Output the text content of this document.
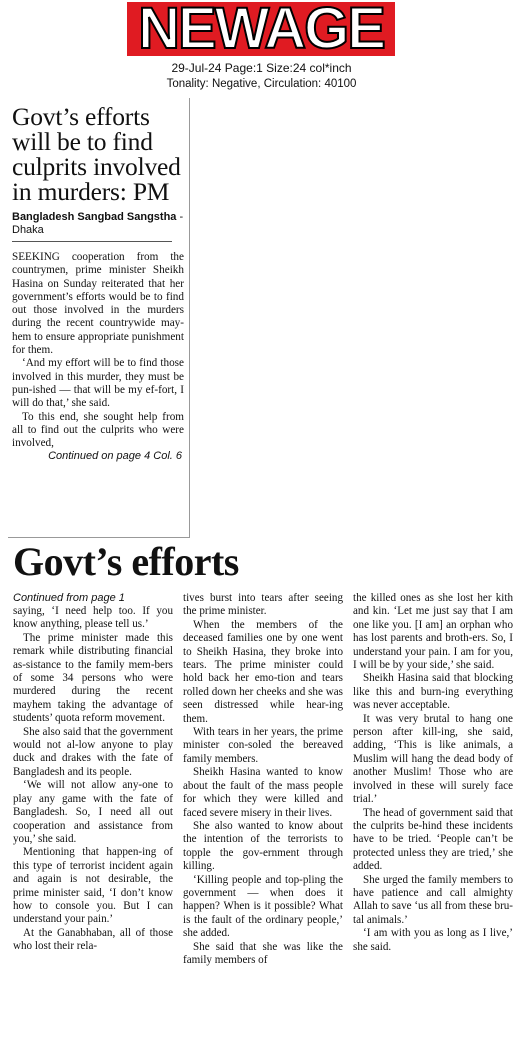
NEWAGE
29-Jul-24 Page:1 Size:24 col*inch
Tonality: Negative, Circulation: 40100
Govt’s efforts will be to find culprits involved in murders: PM
Bangladesh Sangbad Sangstha - Dhaka

SEEKING cooperation from the countrymen, prime minister Sheikh Hasina on Sunday reiterated that her government’s efforts would be to find out those involved in the murders during the recent countrywide may-hem to ensure appropriate punishment for them.

‘And my effort will be to find those involved in this murder, they must be pun-ished — that will be my ef-fort, I will do that,’ she said.

To this end, she sought help from all to find out the culprits who were involved,

Continued on page 4 Col. 6
Govt’s efforts
Continued from page 1

saying, ‘I need help too. If you know anything, please tell us.’

The prime minister made this remark while distributing financial as-sistance to the family mem-bers of some 34 persons who were murdered during the recent mayhem taking the advantage of students’ quota reform movement.

She also said that the government would not al-low anyone to play duck and drakes with the fate of Bangladesh and its people.

‘We will not allow any-one to play any game with the fate of Bangladesh. So, I need all out cooperation and assistance from you,’ she said.

Mentioning that happen-ing of this type of terrorist incident again and again is not desirable, the prime minister said, ‘I don’t know how to console you. But I can understand your pain.’

At the Ganabhaban, all of those who lost their rela-

tives burst into tears after seeing the prime minister.

When the members of the deceased families one by one went to Sheikh Hasina, they broke into tears. The prime minister could hold back her emo-tion and tears rolled down her cheeks and she was seen distressed while hear-ing them.

With tears in her years, the prime minister con-soled the bereaved family members.

Sheikh Hasina wanted to know about the fault of the mass people for which they were killed and faced severe misery in their lives.

She also wanted to know about the intention of the terrorists to topple the gov-ernment through killing.

‘Killing people and top-pling the government — when does it happen? When is it possible? What is the fault of the ordinary people,’ she added.

She said that she was like the family members of

the killed ones as she lost her kith and kin. ‘Let me just say that I am one like you. [I am] an orphan who has lost parents and broth-ers. So, I understand your pain. I am for you, I will be by your side,’ she said.

Sheikh Hasina said that blocking like this and burn-ing everything was never acceptable.

It was very brutal to hang one person after kill-ing, she said, adding, ‘This is like animals, a Muslim will hang the dead body of another Muslim! Those who are involved in these will surely face trial.’

The head of government said that the culprits be-hind these incidents have to be tried. ‘People can’t be protected unless they are tried,’ she added.

She urged the family members to have patience and call almighty Allah to save ‘us all from these bru-tal animals.’

‘I am with you as long as I live,’ she said.
